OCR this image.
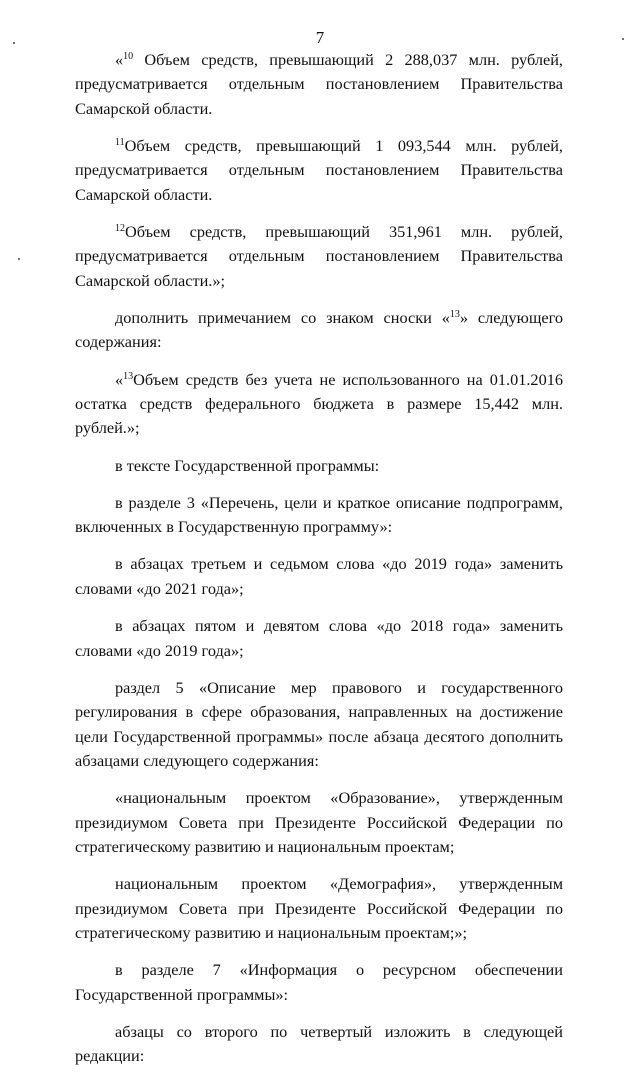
7

«$^{10}$ Объем средств, превышающий 2 288,037 млн. рублей, предусматривается отдельным постановлением Правительства Самарской области.

$^{11}$Объем средств, превышающий 1 093,544 млн. рублей, предусматривается отдельным постановлением Правительства Самарской области.

$^{12}$Объем средств, превышающий 351,961 млн. рублей, предусматривается отдельным постановлением Правительства Самарской области.»;

дополнить примечанием со знаком сноски «$^{13}$» следующего содержания:

«$^{13}$Объем средств без учета не использованного на 01.01.2016 остатка средств федерального бюджета в размере 15,442 млн. рублей.»;

в тексте Государственной программы:

в разделе 3 «Перечень, цели и краткое описание подпрограмм, включенных в Государственную программу»:

в абзацах третьем и седьмом слова «до 2019 года» заменить словами «до 2021 года»;

в абзацах пятом и девятом слова «до 2018 года» заменить словами «до 2019 года»;

раздел 5 «Описание мер правового и государственного регулирования в сфере образования, направленных на достижение цели Государственной программы» после абзаца десятого дополнить абзацами следующего содержания:

«национальным проектом «Образование», утвержденным президиумом Совета при Президенте Российской Федерации по стратегическому развитию и национальным проектам;

национальным проектом «Демография», утвержденным президиумом Совета при Президенте Российской Федерации по стратегическому развитию и национальным проектам;»;

в разделе 7 «Информация о ресурсном обеспечении Государственной программы»:

абзацы со второго по четвертый изложить в следующей редакции:
